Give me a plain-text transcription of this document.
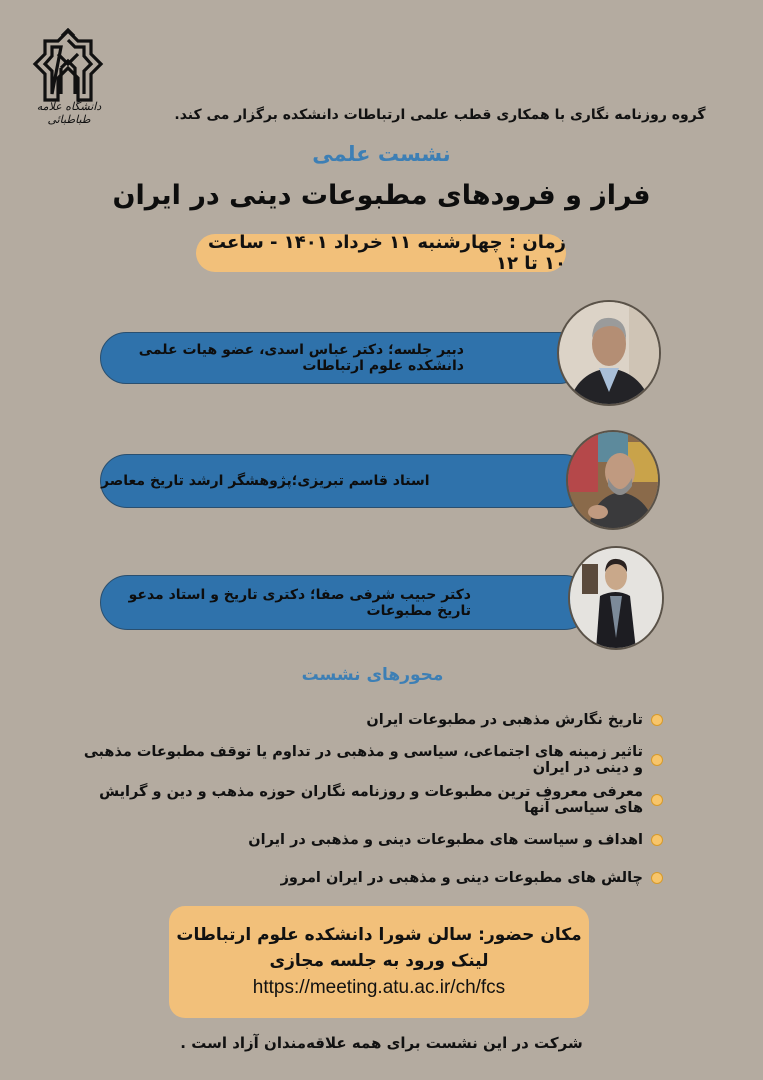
دانشگاه علامه طباطبائی	گروه روزنامه نگاری با همکاری قطب علمی ارتباطات دانشکده برگزار می کند.
نشست علمی
فراز و فرودهای مطبوعات دینی در ایران
زمان : چهارشنبه ۱۱ خرداد ۱۴۰۱ - ساعت ۱۰ تا ۱۲
دبیر جلسه؛ دکتر عباس اسدی، عضو هیات علمی دانشکده علوم ارتباطات
استاد قاسم تبریزی؛پژوهشگر ارشد تاریخ معاصر
دکتر حبیب شرفی صفا؛ دکتری تاریخ و استاد مدعو تاریخ مطبوعات
محورهای نشست
تاریخ نگارش مذهبی در مطبوعات ایران
تاثیر زمینه های اجتماعی، سیاسی و مذهبی در تداوم یا توقف مطبوعات مذهبی و دینی در ایران
معرفی معروف ترین مطبوعات و روزنامه نگاران حوزه مذهب و دین و گرایش های سیاسی آنها
اهداف و سیاست های مطبوعات دینی و مذهبی در ایران
چالش های مطبوعات دینی و مذهبی در ایران امروز
مکان حضور: سالن شورا دانشکده علوم ارتباطات
لینک ورود به جلسه مجازی
https://meeting.atu.ac.ir/ch/fcs
شرکت در این نشست برای همه علاقه‌مندان آزاد است .
